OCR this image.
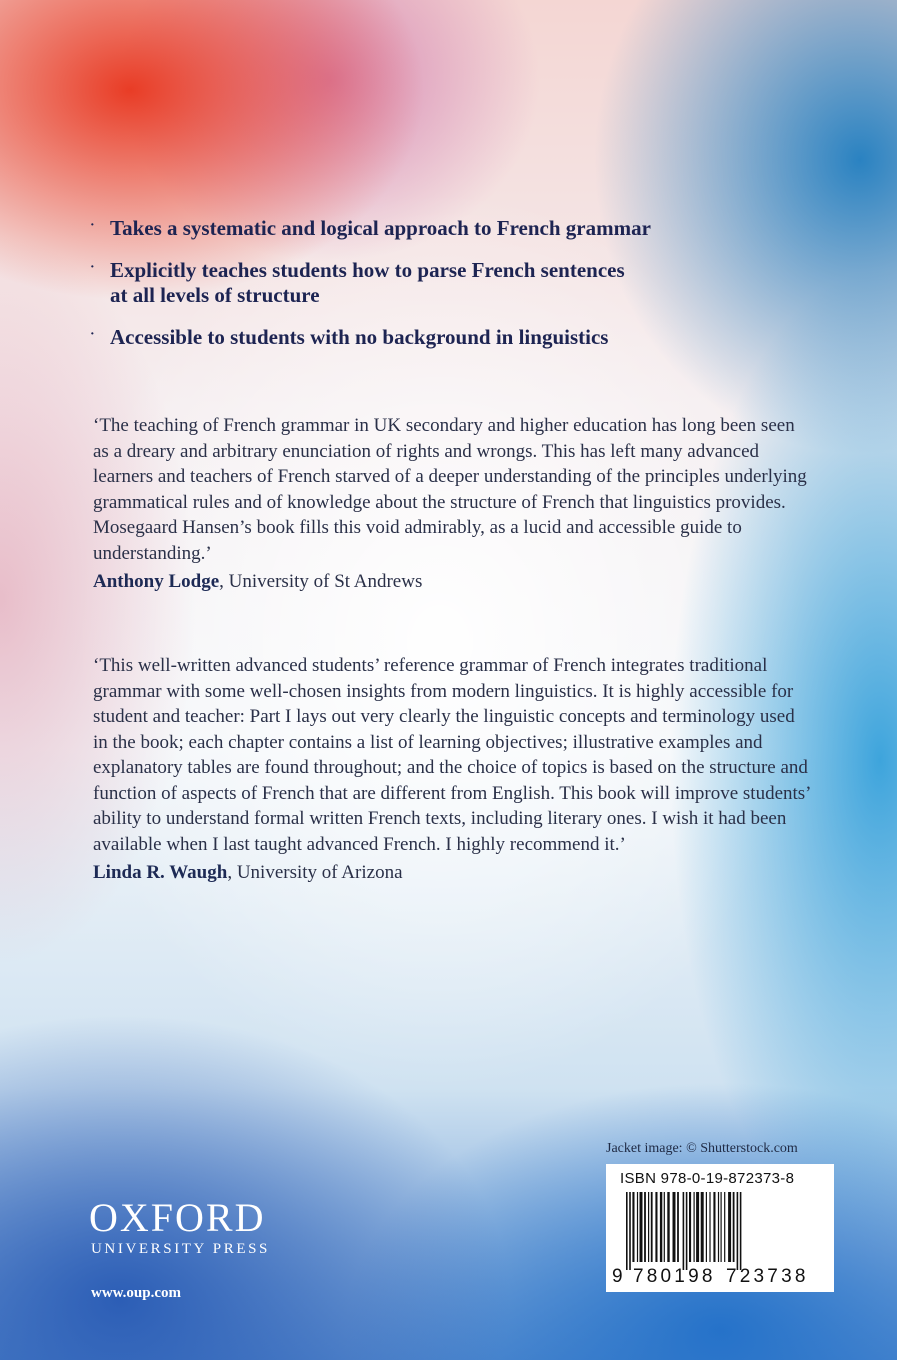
· Takes a systematic and logical approach to French grammar
· Explicitly teaches students how to parse French sentences
at all levels of structure
· Accessible to students with no background in linguistics

‘The teaching of French grammar in UK secondary and higher education has long been seen as a dreary and arbitrary enunciation of rights and wrongs. This has left many advanced learners and teachers of French starved of a deeper understanding of the principles underlying grammatical rules and of knowledge about the structure of French that linguistics provides. Mosegaard Hansen’s book fills this void admirably, as a lucid and accessible guide to understanding.’

Anthony Lodge, University of St Andrews

‘This well-written advanced students’ reference grammar of French integrates traditional grammar with some well-chosen insights from modern linguistics. It is highly accessible for student and teacher: Part I lays out very clearly the linguistic concepts and terminology used in the book; each chapter contains a list of learning objectives; illustrative examples and explanatory tables are found throughout; and the choice of topics is based on the structure and function of aspects of French that are different from English. This book will improve students’ ability to understand formal written French texts, including literary ones. I wish it had been available when I last taught advanced French. I highly recommend it.’

Linda R. Waugh, University of Arizona
Jacket image: © Shutterstock.com
ISBN 978-0-19-872373-8
9 780198 723738
OXFORD
UNIVERSITY PRESS
www.oup.com
